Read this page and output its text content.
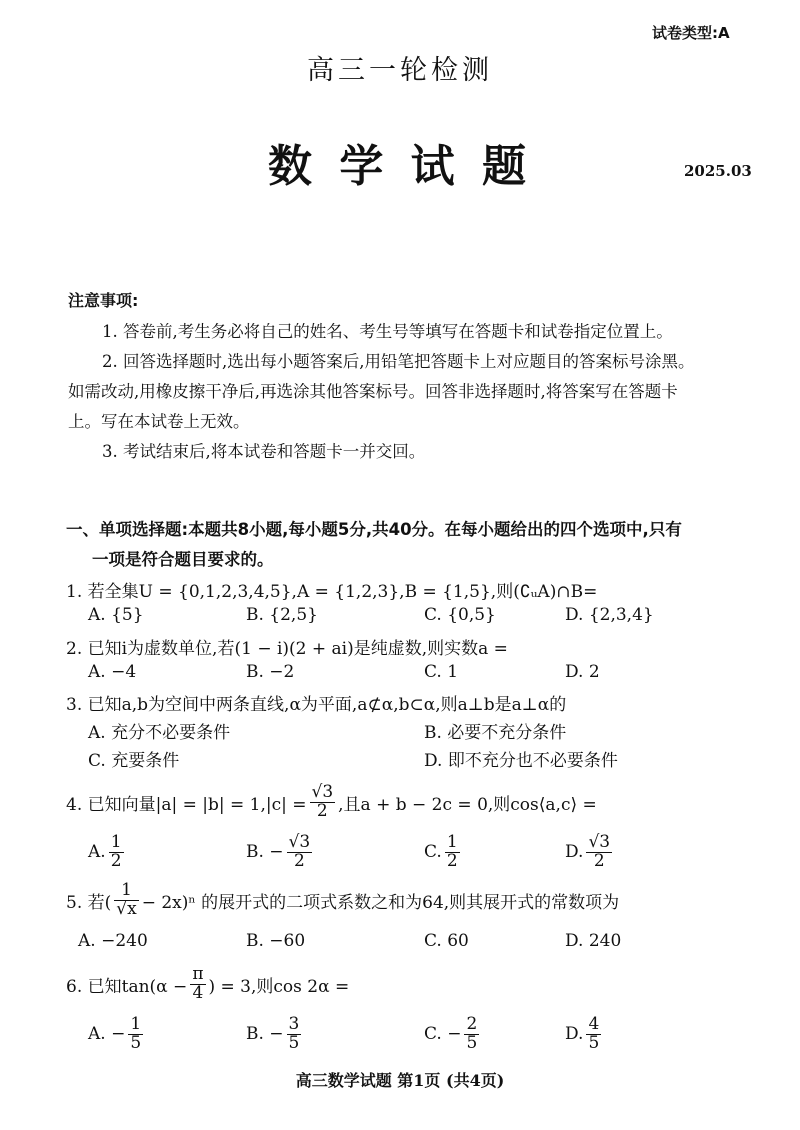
试卷类型:A
高三一轮检测
数 学 试 题	2025.03
注意事项:
1. 答卷前,考生务必将自己的姓名、考生号等填写在答题卡和试卷指定位置上。
2. 回答选择题时,选出每小题答案后,用铅笔把答题卡上对应题目的答案标号涂黑。
如需改动,用橡皮擦干净后,再选涂其他答案标号。回答非选择题时,将答案写在答题卡
上。写在本试卷上无效。
3. 考试结束后,将本试卷和答题卡一并交回。
一、单项选择题:本题共8小题,每小题5分,共40分。在每小题给出的四个选项中,只有
一项是符合题目要求的。
1. 若全集U = {0,1,2,3,4,5},A = {1,2,3},B = {1,5},则(∁ᵤA)∩B=
A. {5}	B. {2,5}	C. {0,5}	D. {2,3,4}
2. 已知i为虚数单位,若(1 − i)(2 + ai)是纯虚数,则实数a =
A. −4	B. −2	C. 1	D. 2
3. 已知a,b为空间中两条直线,α为平面,a⊄α,b⊂α,则a⊥b是a⊥α的
A. 充分不必要条件	B. 必要不充分条件
C. 充要条件	D. 即不充分也不必要条件
4. 已知向量$|a| = |b| = 1,|c| = \frac{√3}{2}$ ,且a + b − 2c = 0,则cos⟨a,c⟩ =
A. $\frac{1}{2}$	B. − $\frac{√3}{2}$	C. $\frac{1}{2}$	D. $\frac{√3}{2}$
5. 若( $\frac{1}{√x} - 2x)^n$ 的展开式的二项式系数之和为64,则其展开式的常数项为
A. −240	B. −60	C. 60	D. 240
6. 已知$\tan(\alpha - \frac{\pi}{4}$ ) = 3,则cos 2α =
A. − $\frac{1}{5}$	B. − $\frac{3}{5}$	C. − $\frac{2}{5}$	D. $\frac{4}{5}$
高三数学试题 第1页 (共4页)
